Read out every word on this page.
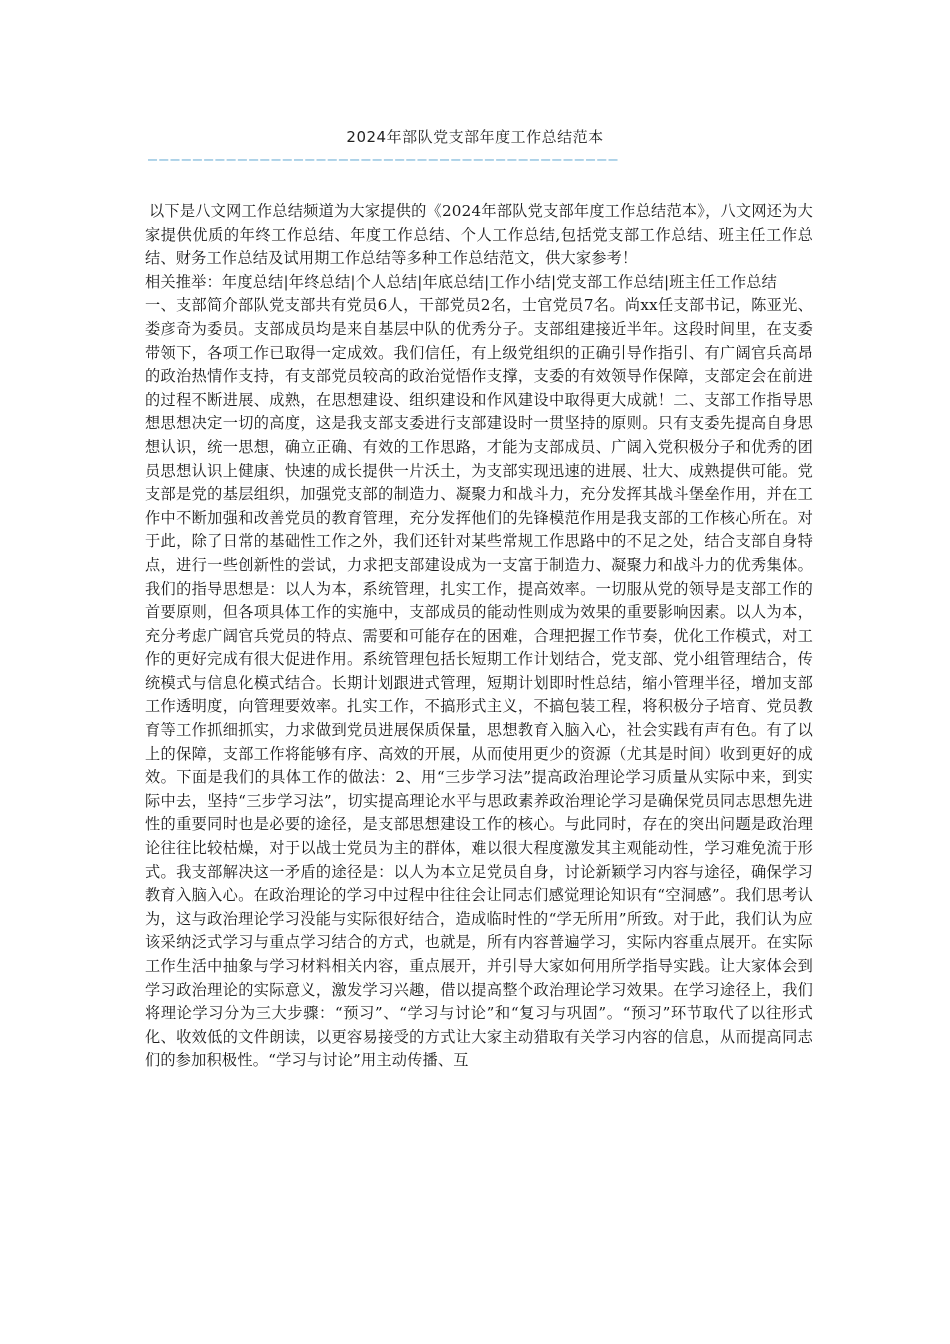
2024年部队党支部年度工作总结范本
——————————————————————————————————————————

以下是八文网工作总结频道为大家提供的《2024年部队党支部年度工作总结范本》，八文网还为大家提供优质的年终工作总结、年度工作总结、个人工作总结,包括党支部工作总结、班主任工作总结、财务工作总结及试用期工作总结等多种工作总结范文，供大家参考！

相关推举：年度总结|年终总结|个人总结|年底总结|工作小结|党支部工作总结|班主任工作总结

一、支部简介部队党支部共有党员6人，干部党员2名，士官党员7名。尚xx任支部书记，陈亚光、娄彦奇为委员。支部成员均是来自基层中队的优秀分子。支部组建接近半年。这段时间里，在支委带领下，各项工作已取得一定成效。我们信任，有上级党组织的正确引导作指引、有广阔官兵高昂的政治热情作支持，有支部党员较高的政治觉悟作支撑，支委的有效领导作保障，支部定会在前进的过程不断进展、成熟，在思想建设、组织建设和作风建设中取得更大成就！二、支部工作指导思想思想决定一切的高度，这是我支部支委进行支部建设时一贯坚持的原则。只有支委先提高自身思想认识，统一思想，确立正确、有效的工作思路，才能为支部成员、广阔入党积极分子和优秀的团员思想认识上健康、快速的成长提供一片沃土，为支部实现迅速的进展、壮大、成熟提供可能。党支部是党的基层组织，加强党支部的制造力、凝聚力和战斗力，充分发挥其战斗堡垒作用，并在工作中不断加强和改善党员的教育管理，充分发挥他们的先锋模范作用是我支部的工作核心所在。对于此，除了日常的基础性工作之外，我们还针对某些常规工作思路中的不足之处，结合支部自身特点，进行一些创新性的尝试，力求把支部建设成为一支富于制造力、凝聚力和战斗力的优秀集体。我们的指导思想是：以人为本，系统管理，扎实工作，提高效率。一切服从党的领导是支部工作的首要原则，但各项具体工作的实施中，支部成员的能动性则成为效果的重要影响因素。以人为本，充分考虑广阔官兵党员的特点、需要和可能存在的困难，合理把握工作节奏，优化工作模式，对工作的更好完成有很大促进作用。系统管理包括长短期工作计划结合，党支部、党小组管理结合，传统模式与信息化模式结合。长期计划跟进式管理，短期计划即时性总结，缩小管理半径，增加支部工作透明度，向管理要效率。扎实工作，不搞形式主义，不搞包装工程，将积极分子培育、党员教育等工作抓细抓实，力求做到党员进展保质保量，思想教育入脑入心，社会实践有声有色。有了以上的保障，支部工作将能够有序、高效的开展，从而使用更少的资源（尤其是时间）收到更好的成效。下面是我们的具体工作的做法：2、用“三步学习法”提高政治理论学习质量从实际中来，到实际中去，坚持“三步学习法”，切实提高理论水平与思政素养政治理论学习是确保党员同志思想先进性的重要同时也是必要的途径，是支部思想建设工作的核心。与此同时，存在的突出问题是政治理论往往比较枯燥，对于以战士党员为主的群体，难以很大程度激发其主观能动性，学习难免流于形式。我支部解决这一矛盾的途径是：以人为本立足党员自身，讨论新颖学习内容与途径，确保学习教育入脑入心。在政治理论的学习中过程中往往会让同志们感觉理论知识有“空洞感”。我们思考认为，这与政治理论学习没能与实际很好结合，造成临时性的“学无所用”所致。对于此，我们认为应该采纳泛式学习与重点学习结合的方式，也就是，所有内容普遍学习，实际内容重点展开。在实际工作生活中抽象与学习材料相关内容，重点展开，并引导大家如何用所学指导实践。让大家体会到学习政治理论的实际意义，激发学习兴趣，借以提高整个政治理论学习效果。在学习途径上，我们将理论学习分为三大步骤：“预习”、“学习与讨论”和“复习与巩固”。“预习”环节取代了以往形式化、收效低的文件朗读，以更容易接受的方式让大家主动猎取有关学习内容的信息，从而提高同志们的参加积极性。“学习与讨论”用主动传播、互
